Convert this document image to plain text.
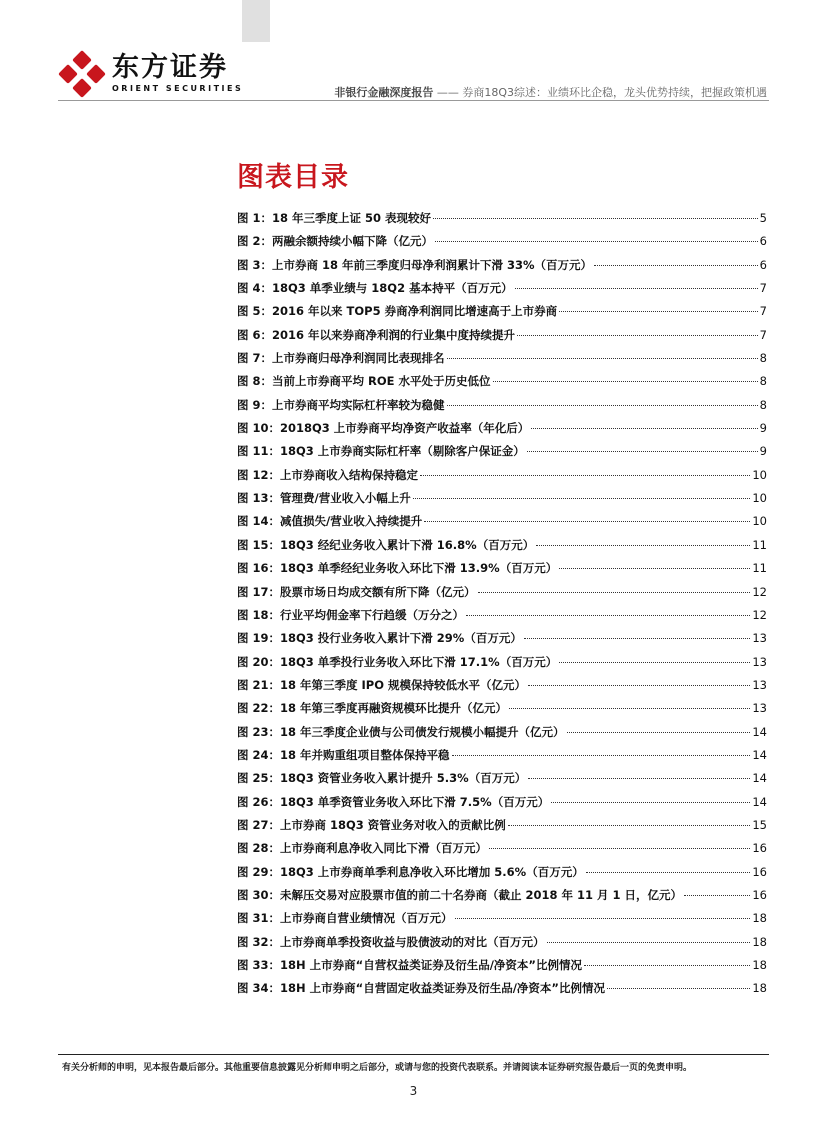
东方证券
ORIENT SECURITIES	非银行金融深度报告 —— 券商18Q3综述：业绩环比企稳，龙头优势持续，把握政策机遇
图表目录
图 1：18 年三季度上证 50 表现较好	5
图 2：两融余额持续小幅下降（亿元）	6
图 3：上市券商 18 年前三季度归母净利润累计下滑 33%（百万元）	6
图 4：18Q3 单季业绩与 18Q2 基本持平（百万元）	7
图 5：2016 年以来 TOP5 券商净利润同比增速高于上市券商	7
图 6：2016 年以来券商净利润的行业集中度持续提升	7
图 7：上市券商归母净利润同比表现排名	8
图 8：当前上市券商平均 ROE 水平处于历史低位	8
图 9：上市券商平均实际杠杆率较为稳健	8
图 10：2018Q3 上市券商平均净资产收益率（年化后）	9
图 11：18Q3 上市券商实际杠杆率（剔除客户保证金）	9
图 12：上市券商收入结构保持稳定	10
图 13：管理费/营业收入小幅上升	10
图 14：减值损失/营业收入持续提升	10
图 15：18Q3 经纪业务收入累计下滑 16.8%（百万元）	11
图 16：18Q3 单季经纪业务收入环比下滑 13.9%（百万元）	11
图 17：股票市场日均成交额有所下降（亿元）	12
图 18：行业平均佣金率下行趋缓（万分之）	12
图 19：18Q3 投行业务收入累计下滑 29%（百万元）	13
图 20：18Q3 单季投行业务收入环比下滑 17.1%（百万元）	13
图 21：18 年第三季度 IPO 规模保持较低水平（亿元）	13
图 22：18 年第三季度再融资规模环比提升（亿元）	13
图 23：18 年三季度企业债与公司债发行规模小幅提升（亿元）	14
图 24：18 年并购重组项目整体保持平稳	14
图 25：18Q3 资管业务收入累计提升 5.3%（百万元）	14
图 26：18Q3 单季资管业务收入环比下滑 7.5%（百万元）	14
图 27：上市券商 18Q3 资管业务对收入的贡献比例	15
图 28：上市券商利息净收入同比下滑（百万元）	16
图 29：18Q3 上市券商单季利息净收入环比增加 5.6%（百万元）	16
图 30：未解压交易对应股票市值的前二十名券商（截止 2018 年 11 月 1 日，亿元）	16
图 31：上市券商自营业绩情况（百万元）	18
图 32：上市券商单季投资收益与股债波动的对比（百万元）	18
图 33：18H 上市券商“自营权益类证券及衍生品/净资本”比例情况	18
图 34：18H 上市券商“自营固定收益类证券及衍生品/净资本”比例情况	18
有关分析师的申明，见本报告最后部分。其他重要信息披露见分析师申明之后部分，或请与您的投资代表联系。并请阅读本证券研究报告最后一页的免责申明。
3
